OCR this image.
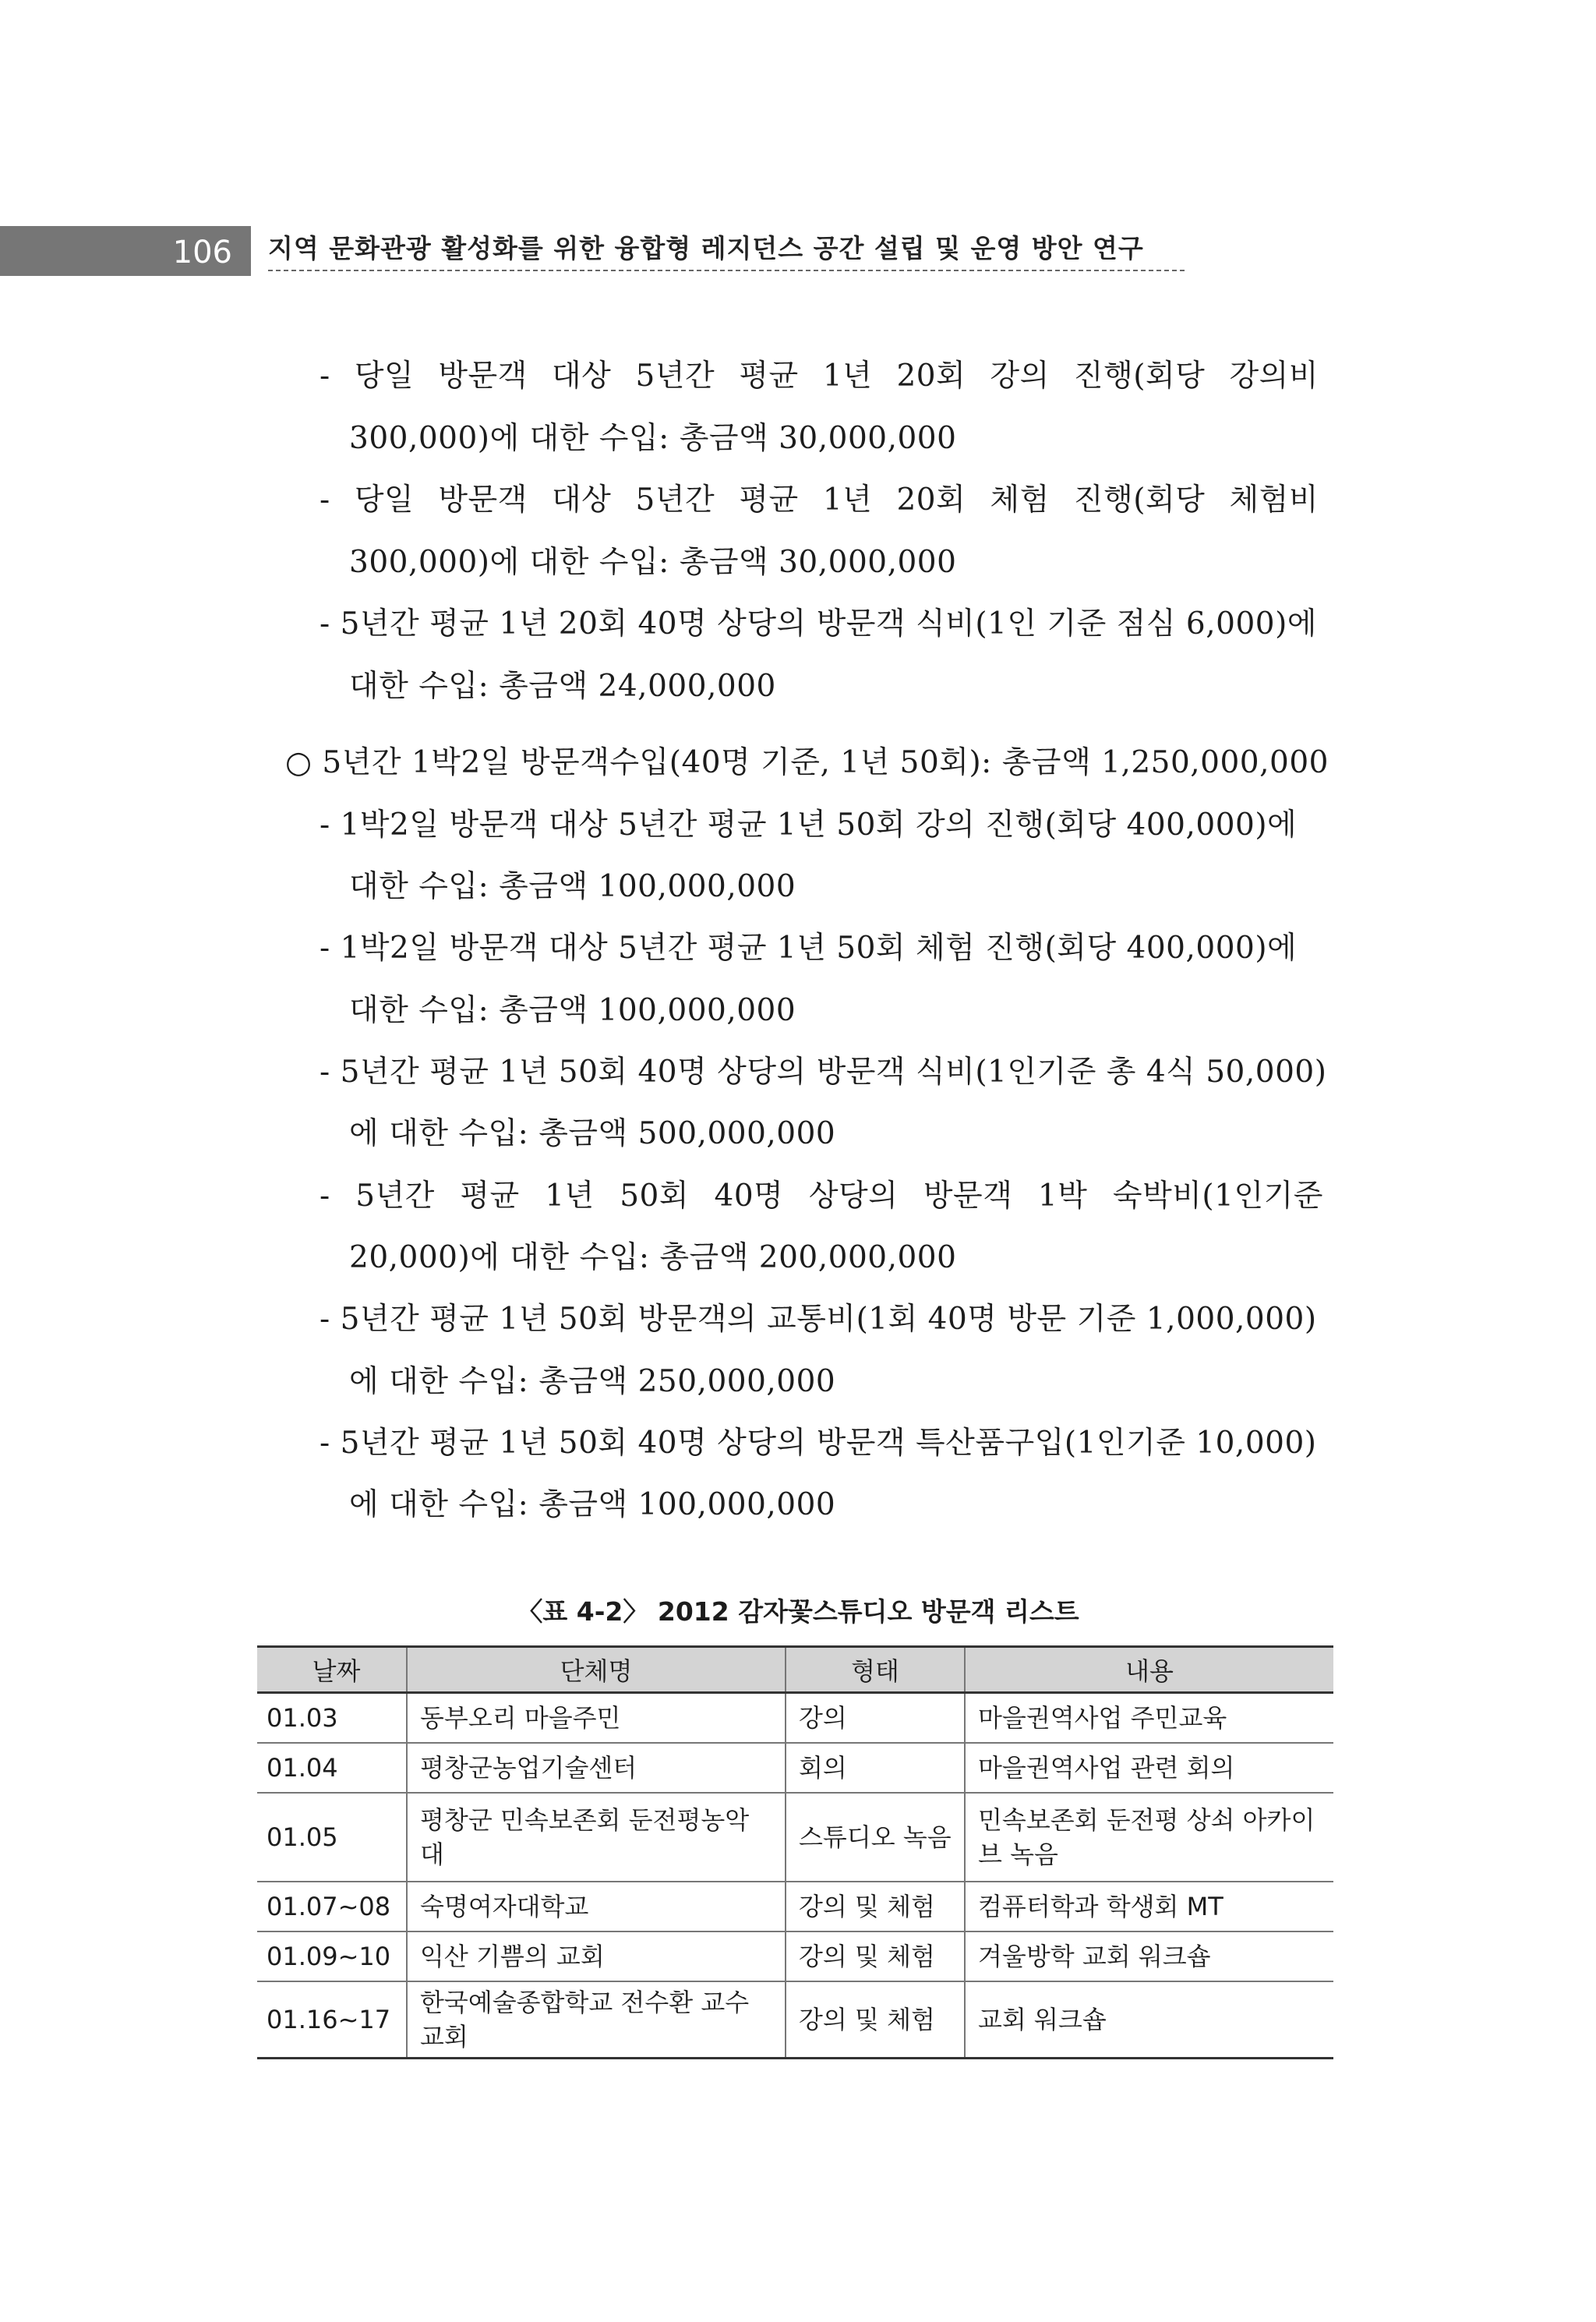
106	지역 문화관광 활성화를 위한 융합형 레지던스 공간 설립 및 운영 방안 연구
- 당일 방문객 대상 5년간 평균 1년 20회 강의 진행(회당 강의비
300,000)에 대한 수입: 총금액 30,000,000
- 당일 방문객 대상 5년간 평균 1년 20회 체험 진행(회당 체험비
300,000)에 대한 수입: 총금액 30,000,000
- 5년간 평균 1년 20회 40명 상당의 방문객 식비(1인 기준 점심 6,000)에
대한 수입: 총금액 24,000,000
○ 5년간 1박2일 방문객수입(40명 기준, 1년 50회): 총금액 1,250,000,000
- 1박2일 방문객 대상 5년간 평균 1년 50회 강의 진행(회당 400,000)에
대한 수입: 총금액 100,000,000
- 1박2일 방문객 대상 5년간 평균 1년 50회 체험 진행(회당 400,000)에
대한 수입: 총금액 100,000,000
- 5년간 평균 1년 50회 40명 상당의 방문객 식비(1인기준 총 4식 50,000)
에 대한 수입: 총금액 500,000,000
- 5년간 평균 1년 50회 40명 상당의 방문객 1박 숙박비(1인기준
20,000)에 대한 수입: 총금액 200,000,000
- 5년간 평균 1년 50회 방문객의 교통비(1회 40명 방문 기준 1,000,000)
에 대한 수입: 총금액 250,000,000
- 5년간 평균 1년 50회 40명 상당의 방문객 특산품구입(1인기준 10,000)
에 대한 수입: 총금액 100,000,000
〈표 4-2〉 2012 감자꽃스튜디오 방문객 리스트
날짜	단체명	형태	내용
01.03	동부오리 마을주민	강의	마을권역사업 주민교육
01.04	평창군농업기술센터	회의	마을권역사업 관련 회의
01.05	평창군 민속보존회 둔전평농악대	스튜디오 녹음	민속보존회 둔전평 상쇠 아카이브 녹음
01.07~08	숙명여자대학교	강의 및 체험	컴퓨터학과 학생회 MT
01.09~10	익산 기쁨의 교회	강의 및 체험	겨울방학 교회 워크숍
01.16~17	한국예술종합학교 전수환 교수 교회	강의 및 체험	교회 워크숍
